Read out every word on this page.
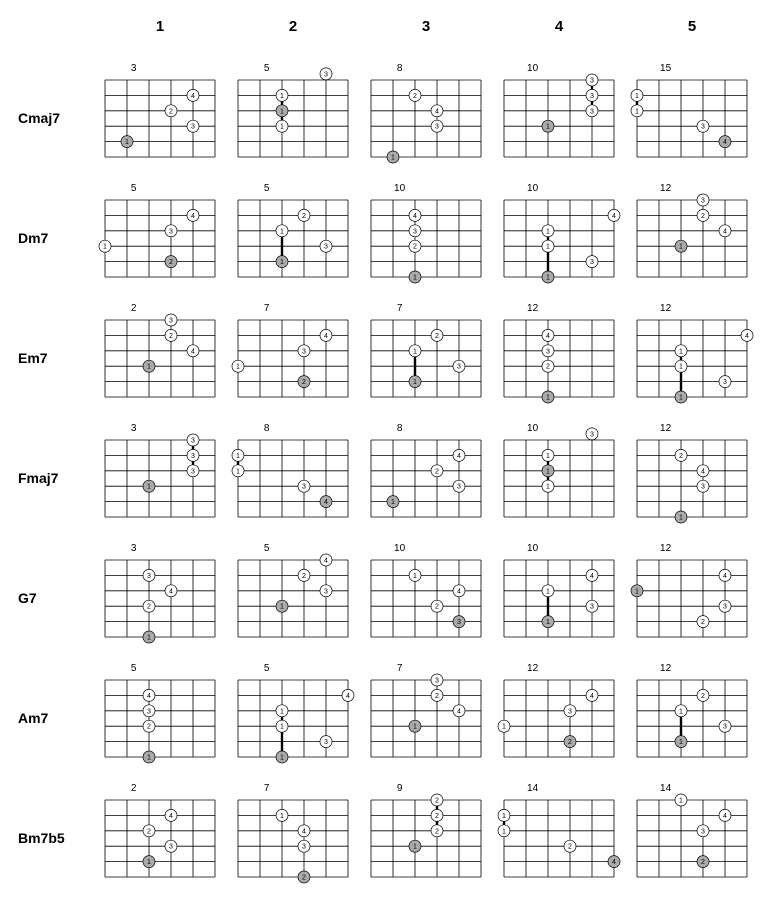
1	2	3	4	5
Cmaj7
3
4
2
3
1
5
3
1
1
1
8
2
4
3
1
10
3
3
3
1
15
1
1
3
4
Dm7
5
4
3
1
2
5
2
1
3
1
10
4
3
2
1
10
4
1
1
3
1
12
3
2
4
1
Em7
2
3
2
4
1
7
4
3
1
2
7
2
1
3
1
12
4
3
2
1
12
4
1
1
3
1
Fmaj7
3
3
3
3
1
8
1
1
3
4
8
4
2
3
1
10
3
1
1
1
12
2
4
3
1
G7
3
3
4
2
1
5
4
2
3
1
10
1
4
2
3
10
4
1
3
1
12
1
4
3
2
Am7
5
4
3
2
1
5
4
1
1
3
1
7
3
2
4
1
12
4
3
1
2
12
2
1
3
1
Bm7b5
2
4
2
3
1
7
1
4
3
2
9
2
2
2
1
14
1
1
2
4
14
1
4
3
2
